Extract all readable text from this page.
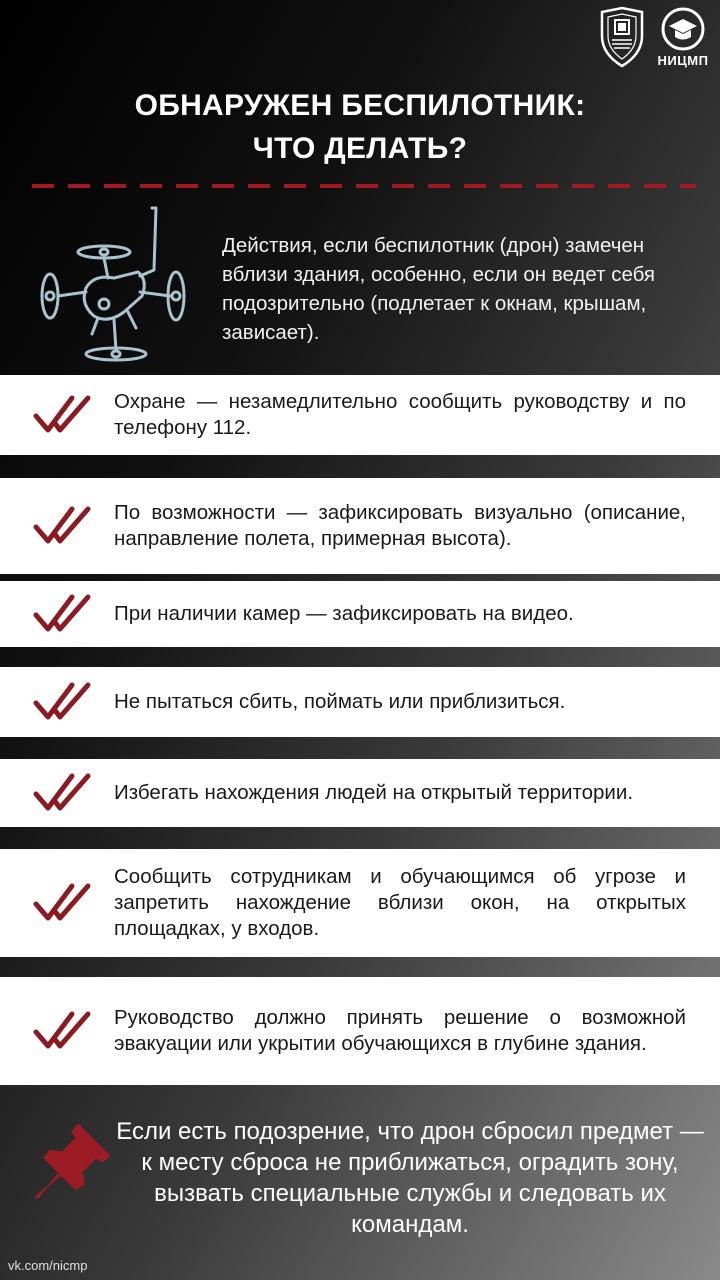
НИЦМП
ОБНАРУЖЕН БЕСПИЛОТНИК:
ЧТО ДЕЛАТЬ?
Действия, если беспилотник (дрон) замечен вблизи здания, особенно, если он ведет себя подозрительно (подлетает к окнам, крышам, зависает).
Охране — незамедлительно сообщить руководству и по телефону 112.
По возможности — зафиксировать визуально (описание, направление полета, примерная высота).
При наличии камер — зафиксировать на видео.
Не пытаться сбить, поймать или приблизиться.
Избегать нахождения людей на открытый территории.
Сообщить сотрудникам и обучающимся об угрозе и запретить нахождение вблизи окон, на открытых площадках, у входов.
Руководство должно принять решение о возможной эвакуации или укрытии обучающихся в глубине здания.
Если есть подозрение, что дрон сбросил предмет — к месту сброса не приближаться, оградить зону, вызвать специальные службы и следовать их командам.
vk.com/nicmp
